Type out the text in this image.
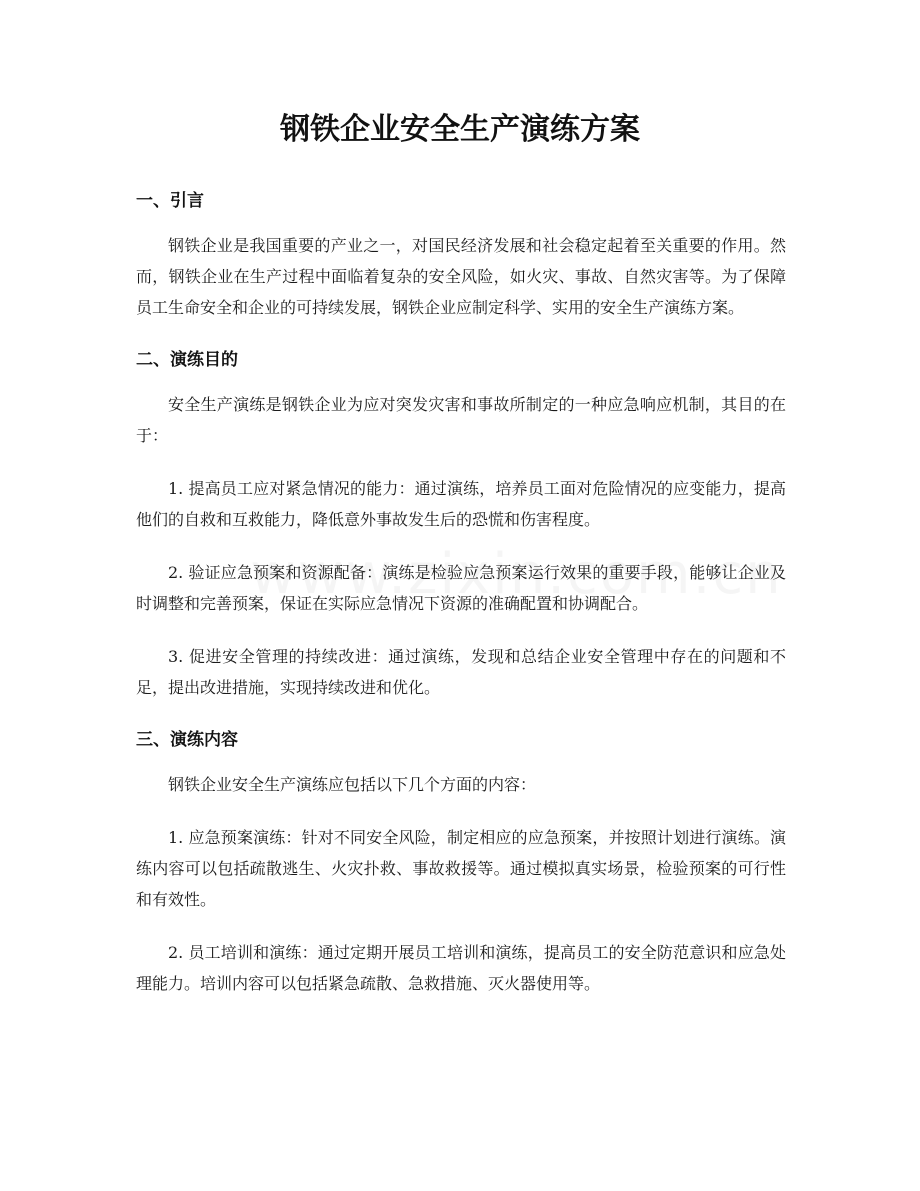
钢铁企业安全生产演练方案
一、引言

钢铁企业是我国重要的产业之一，对国民经济发展和社会稳定起着至关重要的作用。然而，钢铁企业在生产过程中面临着复杂的安全风险，如火灾、事故、自然灾害等。为了保障员工生命安全和企业的可持续发展，钢铁企业应制定科学、实用的安全生产演练方案。

二、演练目的

安全生产演练是钢铁企业为应对突发灾害和事故所制定的一种应急响应机制，其目的在于：

1. 提高员工应对紧急情况的能力：通过演练，培养员工面对危险情况的应变能力，提高他们的自救和互救能力，降低意外事故发生后的恐慌和伤害程度。

2. 验证应急预案和资源配备：演练是检验应急预案运行效果的重要手段，能够让企业及时调整和完善预案，保证在实际应急情况下资源的准确配置和协调配合。

3. 促进安全管理的持续改进：通过演练，发现和总结企业安全管理中存在的问题和不足，提出改进措施，实现持续改进和优化。

三、演练内容

钢铁企业安全生产演练应包括以下几个方面的内容：

1. 应急预案演练：针对不同安全风险，制定相应的应急预案，并按照计划进行演练。演练内容可以包括疏散逃生、火灾扑救、事故救援等。通过模拟真实场景，检验预案的可行性和有效性。

2. 员工培训和演练：通过定期开展员工培训和演练，提高员工的安全防范意识和应急处理能力。培训内容可以包括紧急疏散、急救措施、灭火器使用等。
